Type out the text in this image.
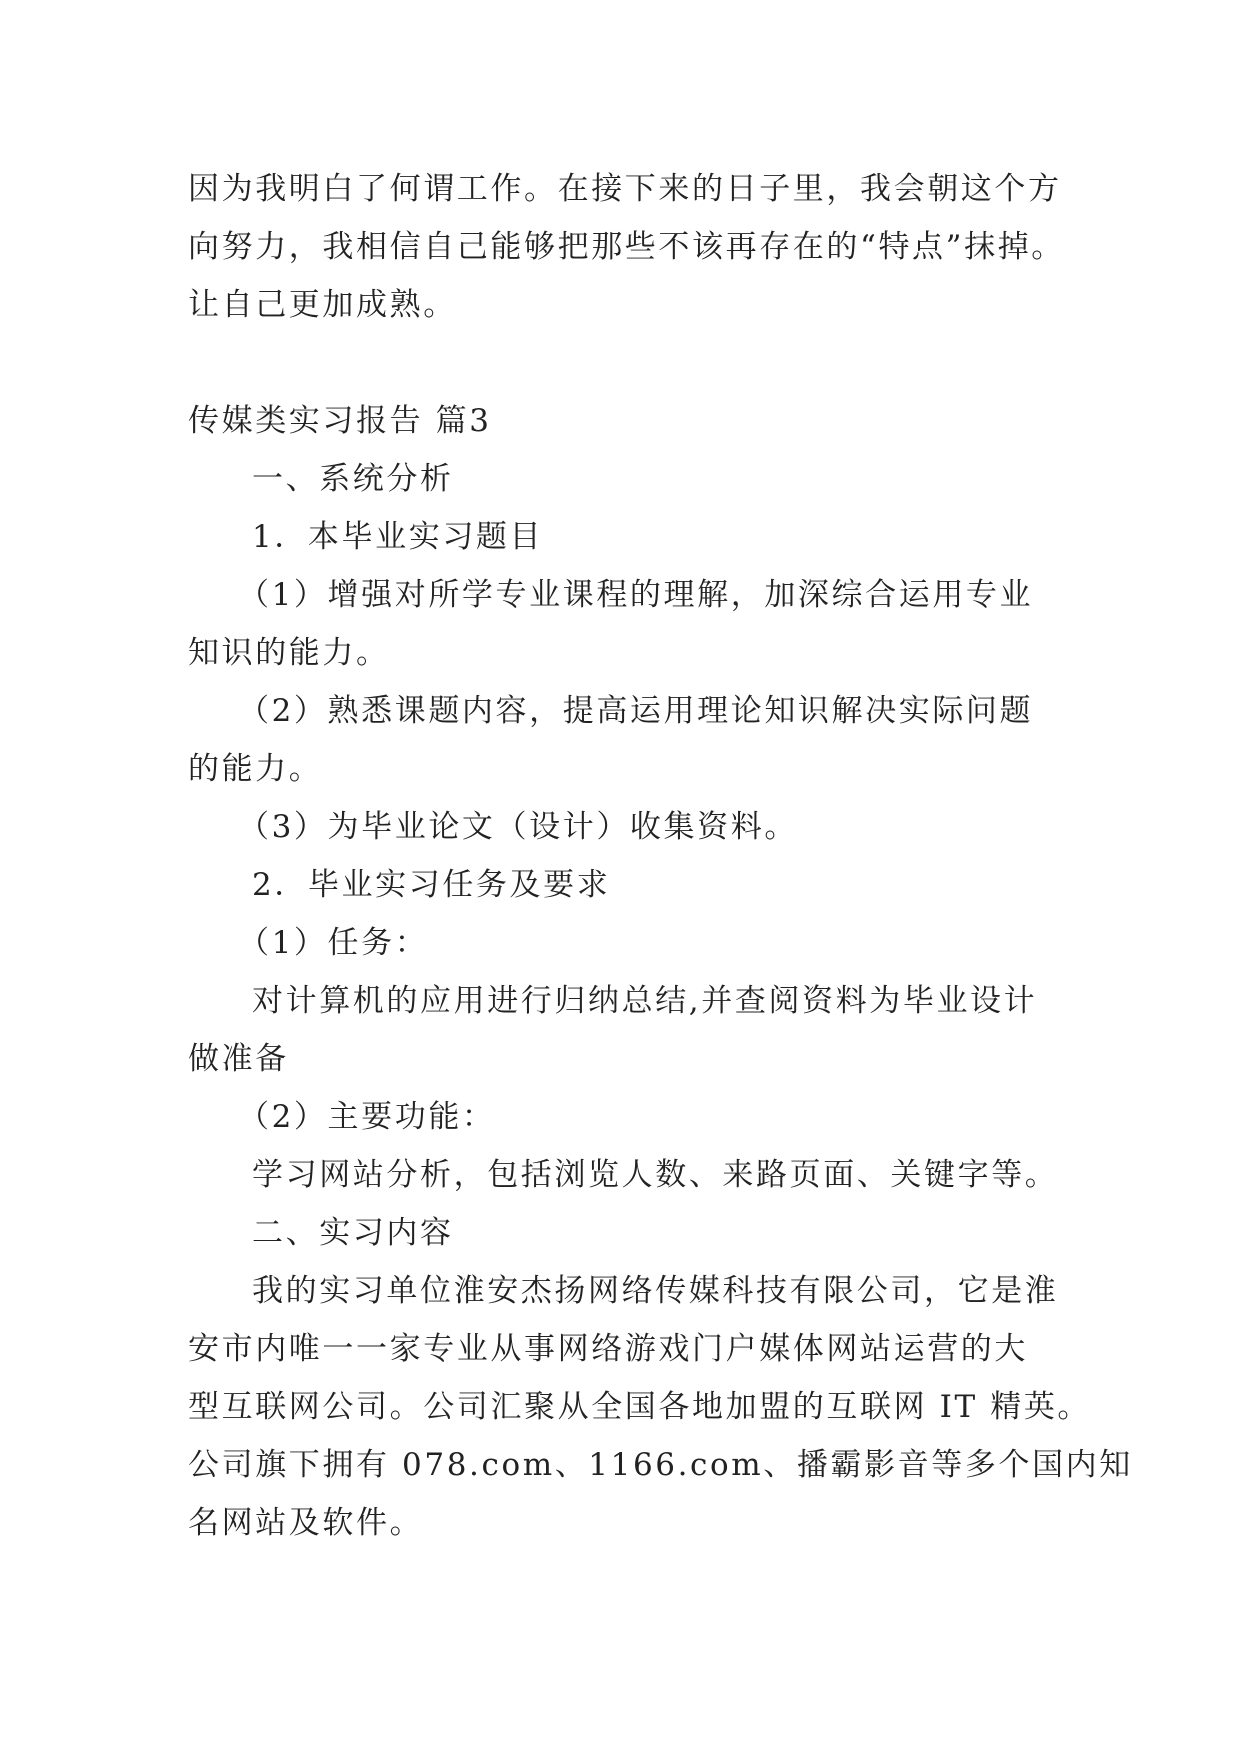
因为我明白了何谓工作。在接下来的日子里，我会朝这个方
向努力，我相信自己能够把那些不该再存在的“特点”抹掉。
让自己更加成熟。
传媒类实习报告 篇3
一、系统分析
1．本毕业实习题目
（1）增强对所学专业课程的理解，加深综合运用专业
知识的能力。
（2）熟悉课题内容，提高运用理论知识解决实际问题
的能力。
（3）为毕业论文（设计）收集资料。
2．毕业实习任务及要求
（1）任务：
对计算机的应用进行归纳总结,并查阅资料为毕业设计
做准备
（2）主要功能：
学习网站分析，包括浏览人数、来路页面、关键字等。
二、实习内容
我的实习单位淮安杰扬网络传媒科技有限公司，它是淮
安市内唯一一家专业从事网络游戏门户媒体网站运营的大
型互联网公司。公司汇聚从全国各地加盟的互联网 IT 精英。
公司旗下拥有 078.com、1166.com、播霸影音等多个国内知
名网站及软件。
